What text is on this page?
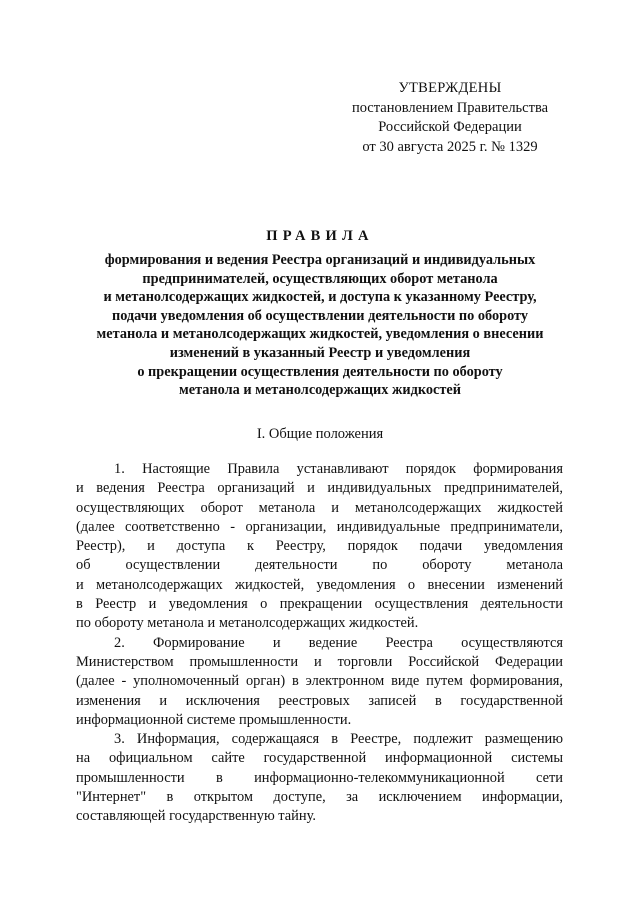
УТВЕРЖДЕНЫ
постановлением Правительства
Российской Федерации
от 30 августа 2025 г. № 1329
ПРАВИЛА
формирования и ведения Реестра организаций и индивидуальных
предпринимателей, осуществляющих оборот метанола
и метанолсодержащих жидкостей, и доступа к указанному Реестру,
подачи уведомления об осуществлении деятельности по обороту
метанола и метанолсодержащих жидкостей, уведомления о внесении
изменений в указанный Реестр и уведомления
о прекращении осуществления деятельности по обороту
метанола и метанолсодержащих жидкостей
I. Общие положения
1. Настоящие Правила устанавливают порядок формирования
и ведения Реестра организаций и индивидуальных предпринимателей,
осуществляющих оборот метанола и метанолсодержащих жидкостей
(далее соответственно - организации, индивидуальные предприниматели,
Реестр), и доступа к Реестру, порядок подачи уведомления
об осуществлении деятельности по обороту метанола
и метанолсодержащих жидкостей, уведомления о внесении изменений
в Реестр и уведомления о прекращении осуществления деятельности
по обороту метанола и метанолсодержащих жидкостей.
2. Формирование и ведение Реестра осуществляются
Министерством промышленности и торговли Российской Федерации
(далее - уполномоченный орган) в электронном виде путем формирования,
изменения и исключения реестровых записей в государственной
информационной системе промышленности.
3. Информация, содержащаяся в Реестре, подлежит размещению
на официальном сайте государственной информационной системы
промышленности в информационно-телекоммуникационной сети
"Интернет" в открытом доступе, за исключением информации,
составляющей государственную тайну.
